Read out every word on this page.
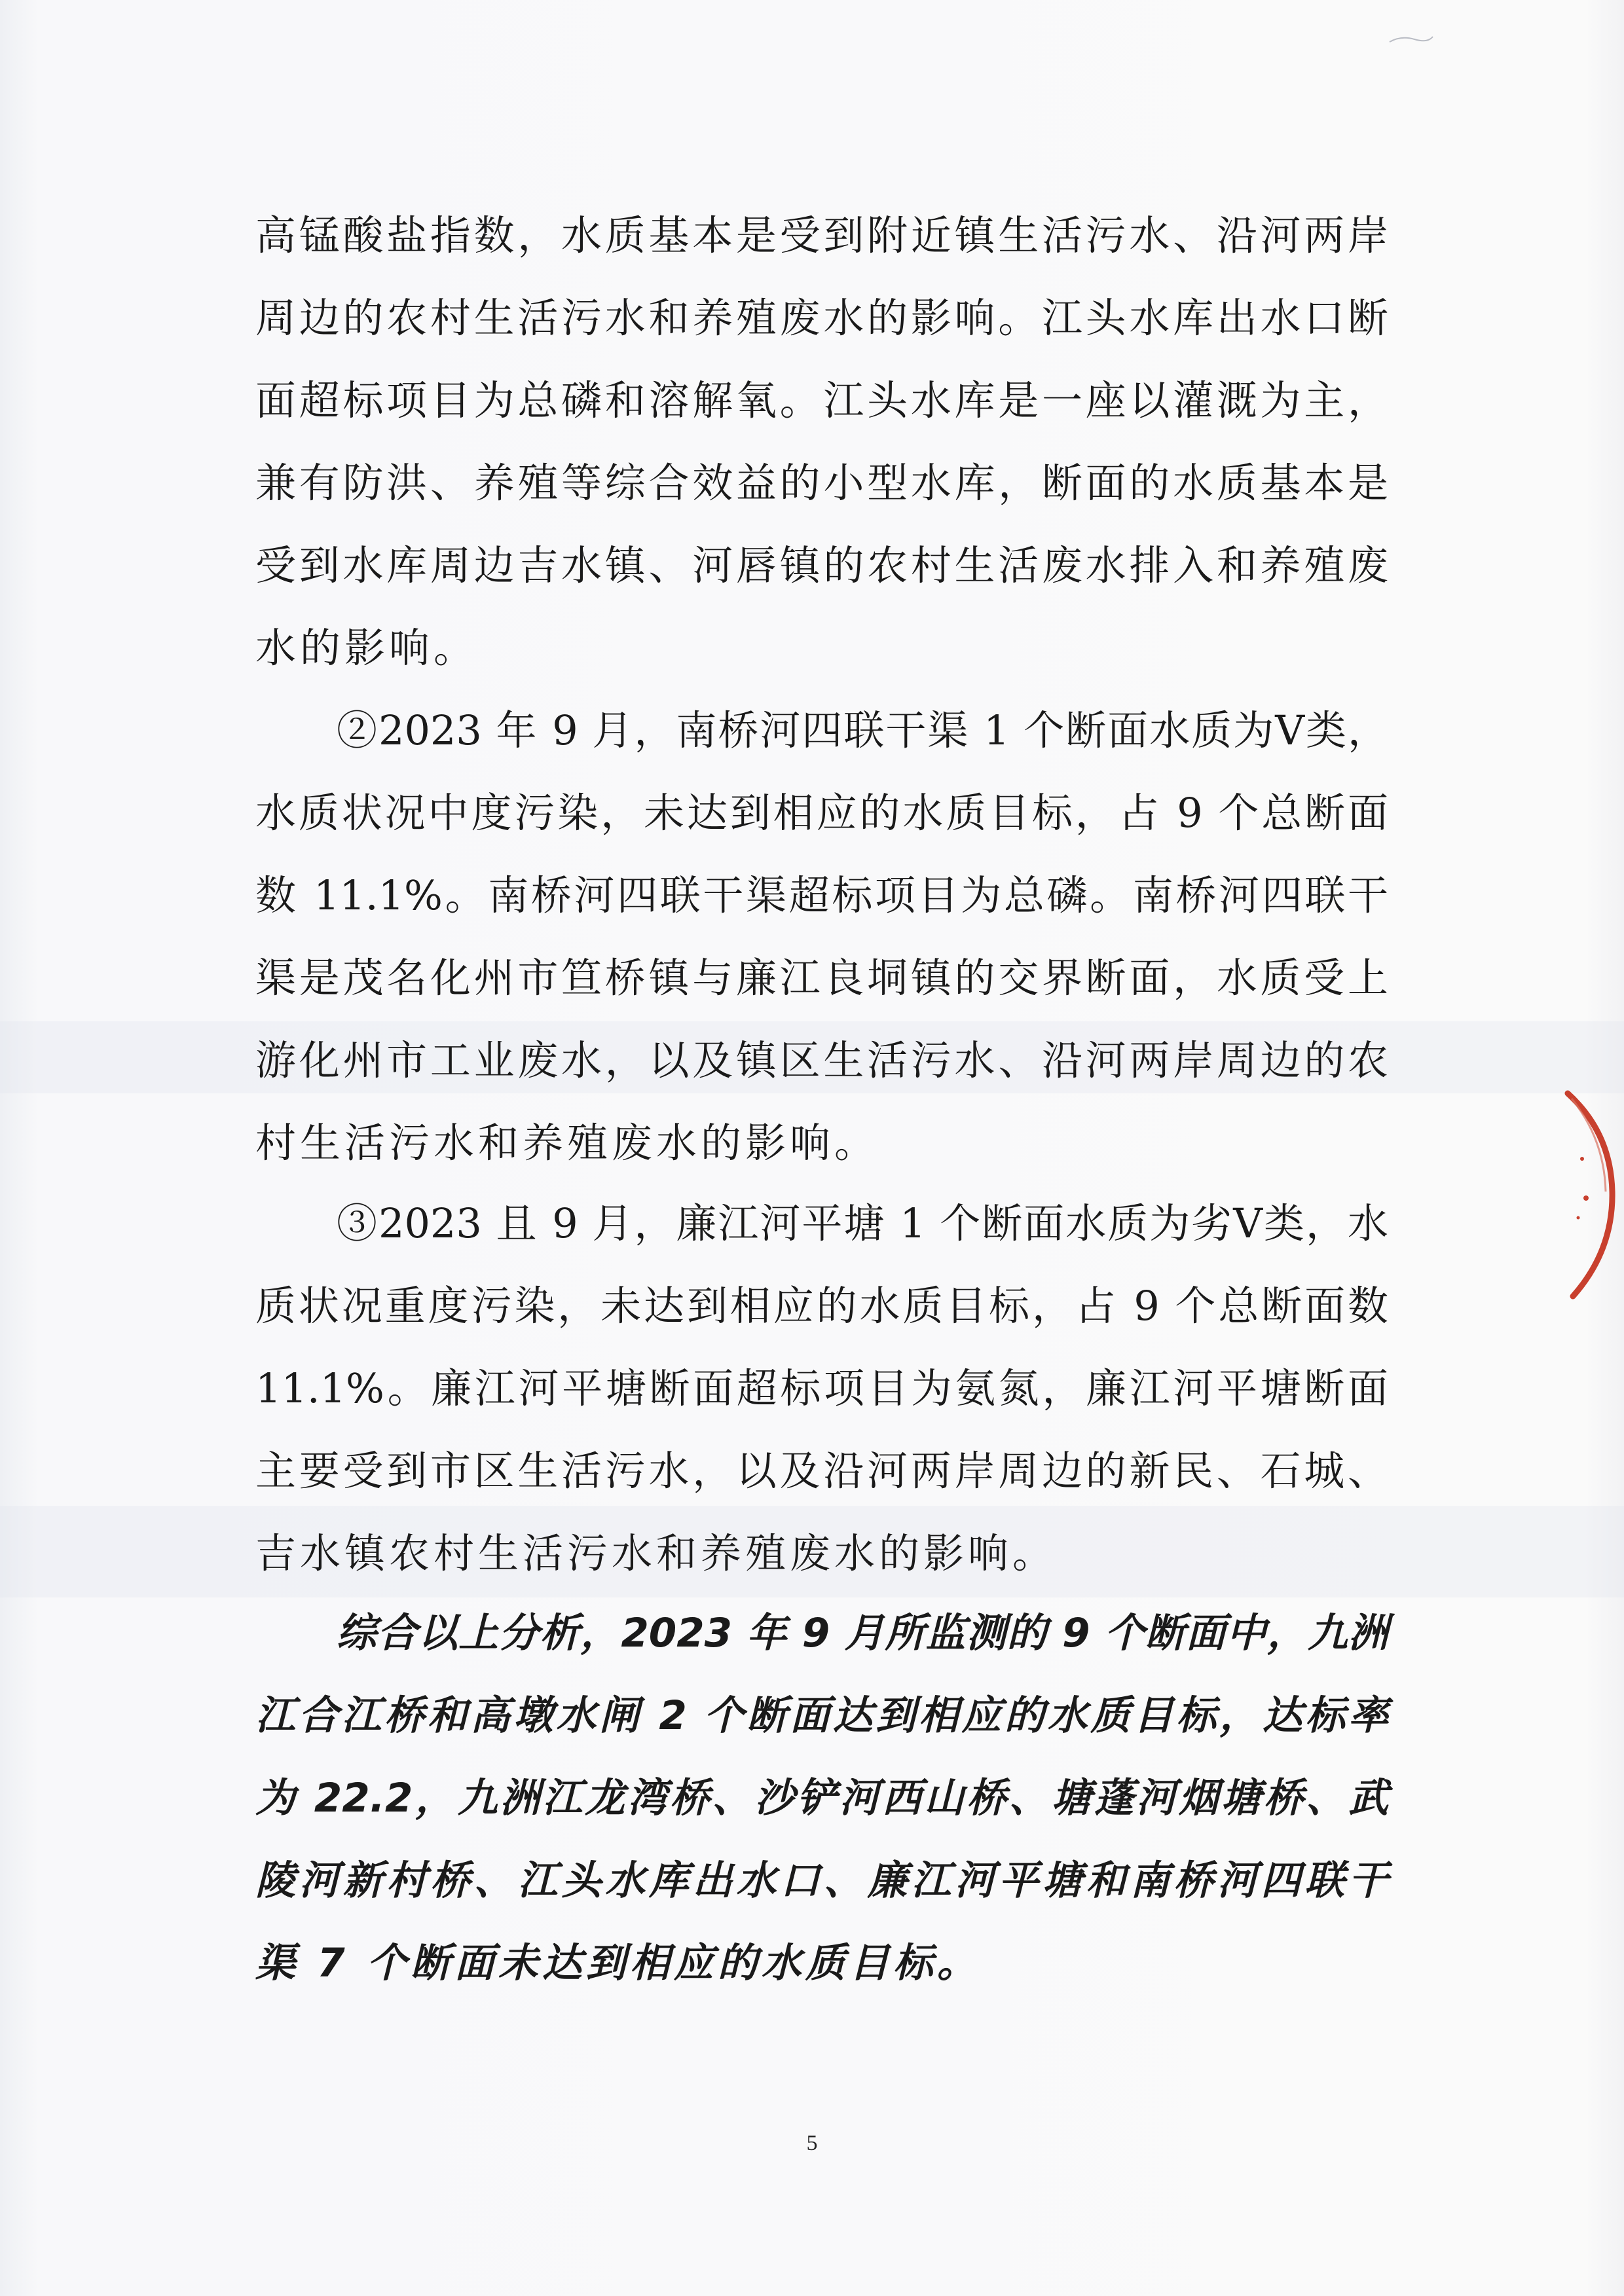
高锰酸盐指数，水质基本是受到附近镇生活污水、沿河两岸
周边的农村生活污水和养殖废水的影响。江头水库出水口断
面超标项目为总磷和溶解氧。江头水库是一座以灌溉为主，
兼有防洪、养殖等综合效益的小型水库，断面的水质基本是
受到水库周边吉水镇、河唇镇的农村生活废水排入和养殖废
水的影响。
②2023 年 9 月，南桥河四联干渠 1 个断面水质为Ⅴ类，
水质状况中度污染，未达到相应的水质目标，占 9 个总断面
数 11.1%。南桥河四联干渠超标项目为总磷。南桥河四联干
渠是茂名化州市笪桥镇与廉江良垌镇的交界断面，水质受上
游化州市工业废水，以及镇区生活污水、沿河两岸周边的农
村生活污水和养殖废水的影响。
③2023 且 9 月，廉江河平塘 1 个断面水质为劣Ⅴ类，水
质状况重度污染，未达到相应的水质目标，占 9 个总断面数
11.1%。廉江河平塘断面超标项目为氨氮，廉江河平塘断面
主要受到市区生活污水，以及沿河两岸周边的新民、石城、
吉水镇农村生活污水和养殖废水的影响。
综合以上分析，2023 年 9 月所监测的 9 个断面中，九洲
江合江桥和高墩水闸 2 个断面达到相应的水质目标，达标率
为 22.2，九洲江龙湾桥、沙铲河西山桥、塘蓬河烟塘桥、武
陵河新村桥、江头水库出水口、廉江河平塘和南桥河四联干
渠 7 个断面未达到相应的水质目标。
5
